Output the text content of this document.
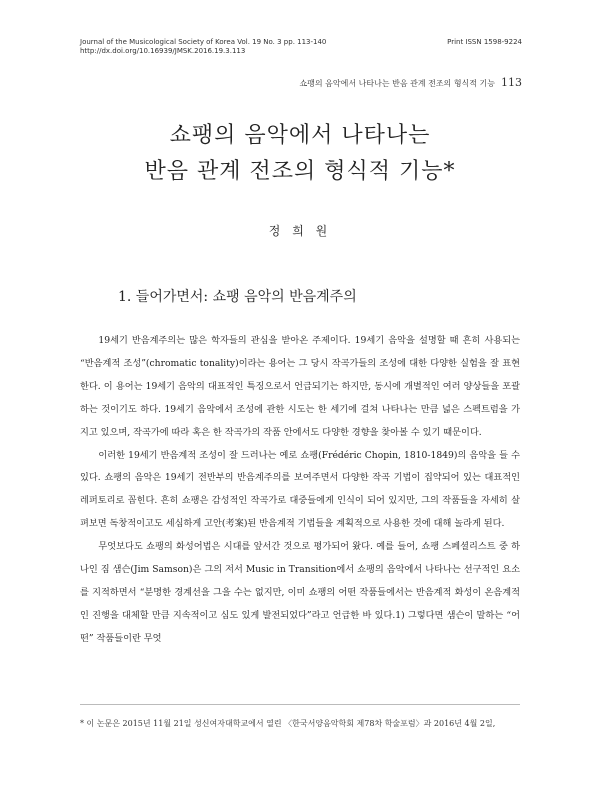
Journal of the Musicological Society of Korea Vol. 19 No. 3 pp. 113-140
http://dx.doi.org/10.16939/JMSK.2016.19.3.113
Print ISSN 1598-9224
쇼팽의 음악에서 나타나는 반음 관계 전조의 형식적 기능 113
쇼팽의 음악에서 나타나는
반음 관계 전조의 형식적 기능*
정 희 원
1. 들어가면서: 쇼팽 음악의 반음계주의

19세기 반음계주의는 많은 학자들의 관심을 받아온 주제이다. 19세기 음악을 설명할 때 흔히 사용되는 “반음계적 조성”(chromatic tonality)이라는 용어는 그 당시 작곡가들의 조성에 대한 다양한 실험을 잘 표현한다. 이 용어는 19세기 음악의 대표적인 특징으로서 언급되기는 하지만, 동시에 개별적인 여러 양상들을 포괄하는 것이기도 하다. 19세기 음악에서 조성에 관한 시도는 한 세기에 걸쳐 나타나는 만큼 넓은 스펙트럼을 가지고 있으며, 작곡가에 따라 혹은 한 작곡가의 작품 안에서도 다양한 경향을 찾아볼 수 있기 때문이다.

이러한 19세기 반음계적 조성이 잘 드러나는 예로 쇼팽(Frédéric Chopin, 1810-1849)의 음악을 들 수 있다. 쇼팽의 음악은 19세기 전반부의 반음계주의를 보여주면서 다양한 작곡 기법이 집약되어 있는 대표적인 레퍼토리로 꼽힌다. 흔히 쇼팽은 감성적인 작곡가로 대중들에게 인식이 되어 있지만, 그의 작품들을 자세히 살펴보면 독창적이고도 세심하게 고안(考案)된 반음계적 기법들을 계획적으로 사용한 것에 대해 놀라게 된다.

무엇보다도 쇼팽의 화성어법은 시대를 앞서간 것으로 평가되어 왔다. 예를 들어, 쇼팽 스페셜리스트 중 하나인 짐 샘슨(Jim Samson)은 그의 저서 Music in Transition에서 쇼팽의 음악에서 나타나는 선구적인 요소를 지적하면서 “분명한 경계선을 그을 수는 없지만, 이미 쇼팽의 어떤 작품들에서는 반음계적 화성이 온음계적인 진행을 대체할 만큼 지속적이고 심도 있게 발전되었다”라고 언급한 바 있다.1) 그렇다면 샘슨이 말하는 “어떤” 작품들이란 무엇

* 이 논문은 2015년 11월 21일 성신여자대학교에서 열린 〈한국서양음악학회 제78차 학술포럼〉과 2016년 4월 2일,
